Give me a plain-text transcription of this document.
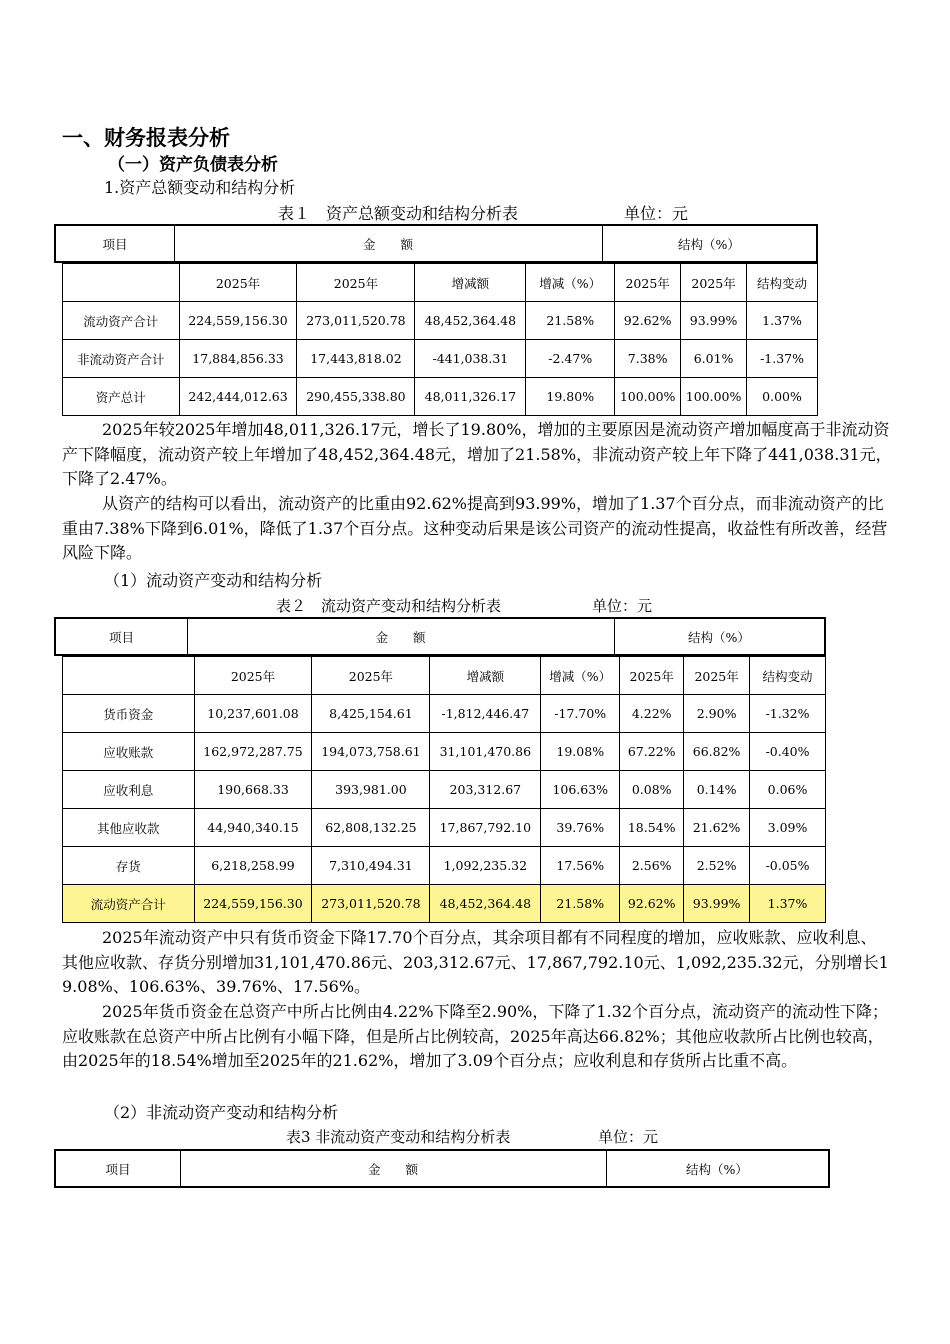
一、财务报表分析
（一）资产负债表分析
1.资产总额变动和结构分析
表１　资产总额变动和结构分析表	单位：元
项目	金　　额	结构（%）
	2025年	2025年	增减额	增减（%）	2025年	2025年	结构变动
流动资产合计	224,559,156.30	273,011,520.78	48,452,364.48	21.58%	92.62%	93.99%	1.37%
非流动资产合计	17,884,856.33	17,443,818.02	-441,038.31	-2.47%	7.38%	6.01%	-1.37%
资产总计	242,444,012.63	290,455,338.80	48,011,326.17	19.80%	100.00%	100.00%	0.00%

2025年较2025年增加48,011,326.17元，增长了19.80%，增加的主要原因是流动资产增加幅度高于非流动资产下降幅度，流动资产较上年增加了48,452,364.48元，增加了21.58%，非流动资产较上年下降了441,038.31元，下降了2.47%。

从资产的结构可以看出，流动资产的比重由92.62%提高到93.99%，增加了1.37个百分点，而非流动资产的比重由7.38%下降到6.01%，降低了1.37个百分点。这种变动后果是该公司资产的流动性提高，收益性有所改善，经营风险下降。

（1）流动资产变动和结构分析
表２　流动资产变动和结构分析表	单位：元
项目	金　　额	结构（%）
	2025年	2025年	增减额	增减（%）	2025年	2025年	结构变动
货币资金	10,237,601.08	8,425,154.61	-1,812,446.47	-17.70%	4.22%	2.90%	-1.32%
应收账款	162,972,287.75	194,073,758.61	31,101,470.86	19.08%	67.22%	66.82%	-0.40%
应收利息	190,668.33	393,981.00	203,312.67	106.63%	0.08%	0.14%	0.06%
其他应收款	44,940,340.15	62,808,132.25	17,867,792.10	39.76%	18.54%	21.62%	3.09%
存货	6,218,258.99	7,310,494.31	1,092,235.32	17.56%	2.56%	2.52%	-0.05%
流动资产合计	224,559,156.30	273,011,520.78	48,452,364.48	21.58%	92.62%	93.99%	1.37%

2025年流动资产中只有货币资金下降17.70个百分点，其余项目都有不同程度的增加，应收账款、应收利息、其他应收款、存货分别增加31,101,470.86元、203,312.67元、17,867,792.10元、1,092,235.32元，分别增长19.08%、106.63%、39.76%、17.56%。

2025年货币资金在总资产中所占比例由4.22%下降至2.90%，下降了1.32个百分点，流动资产的流动性下降；应收账款在总资产中所占比例有小幅下降，但是所占比例较高，2025年高达66.82%；其他应收款所占比例也较高，由2025年的18.54%增加至2025年的21.62%，增加了3.09个百分点；应收利息和存货所占比重不高。

（2）非流动资产变动和结构分析
表3 非流动资产变动和结构分析表	单位：元
项目	金　　额	结构（%）
